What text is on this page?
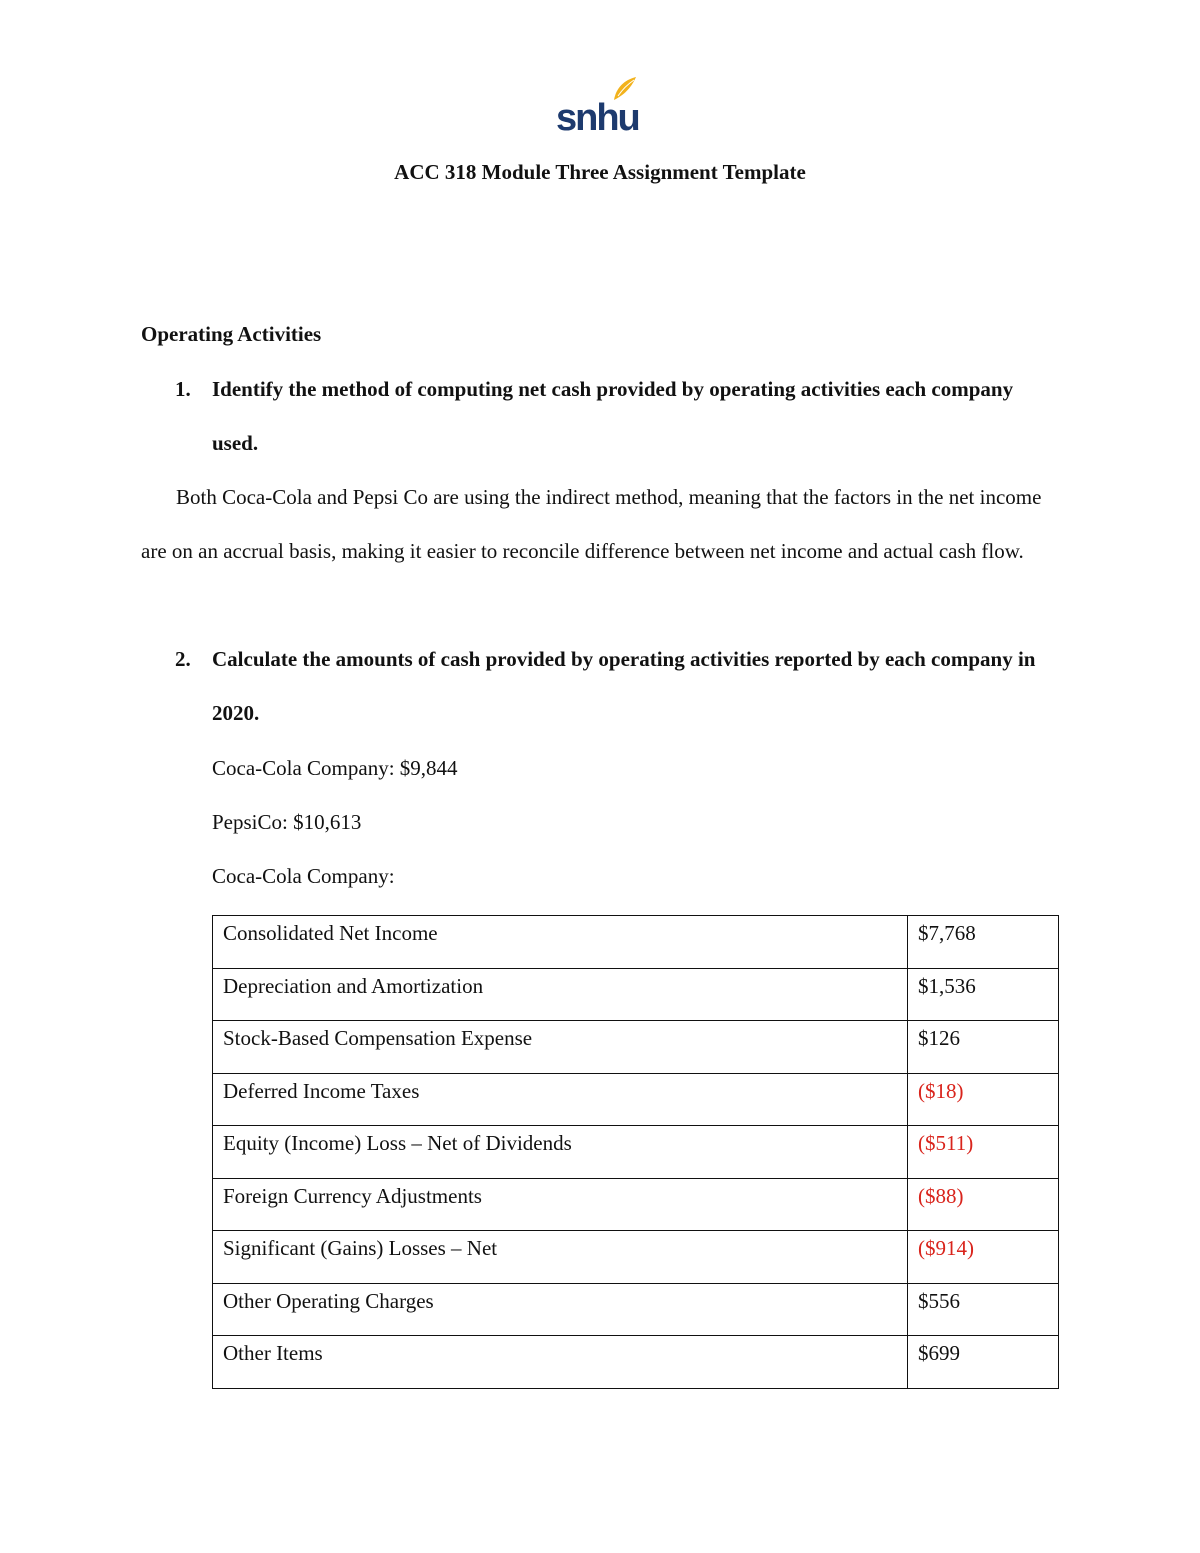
snhu
ACC 318 Module Three Assignment Template
Operating Activities
1. Identify the method of computing net cash provided by operating activities each company used.
Both Coca-Cola and Pepsi Co are using the indirect method, meaning that the factors in the net income are on an accrual basis, making it easier to reconcile difference between net income and actual cash flow.
2. Calculate the amounts of cash provided by operating activities reported by each company in 2020.
Coca-Cola Company: $9,844
PepsiCo: $10,613
Coca-Cola Company:
Consolidated Net Income	$7,768
Depreciation and Amortization	$1,536
Stock-Based Compensation Expense	$126
Deferred Income Taxes	($18)
Equity (Income) Loss – Net of Dividends	($511)
Foreign Currency Adjustments	($88)
Significant (Gains) Losses – Net	($914)
Other Operating Charges	$556
Other Items	$699
